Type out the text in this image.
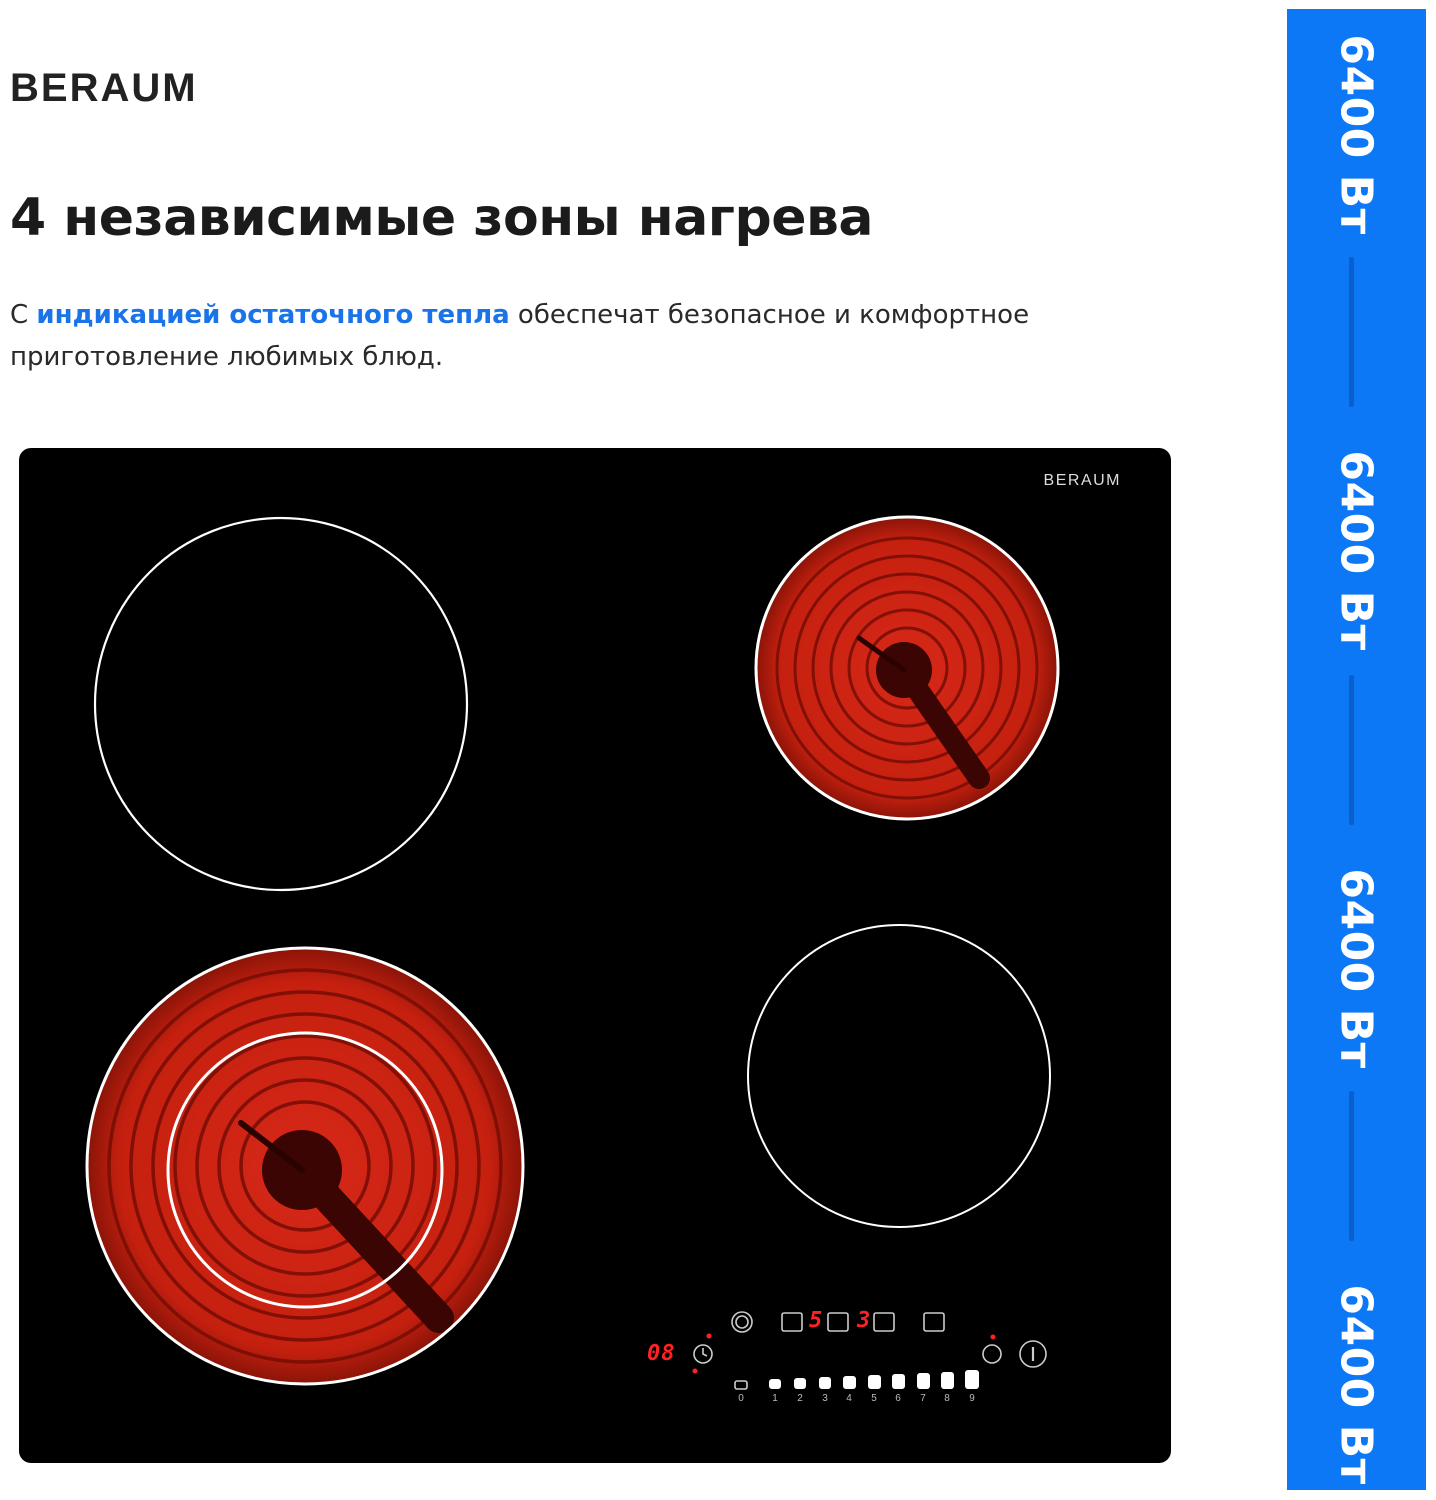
BERAUM
4 независимые зоны нагрева

С индикацией остаточного тепла обеспечат безопасное и комфортное приготовление любимых блюд.

BERAUM
5 3
08
0	1	2	3	4	5	6	7	8	9
6400 Вт
6400 Вт
6400 Вт
6400 Вт
